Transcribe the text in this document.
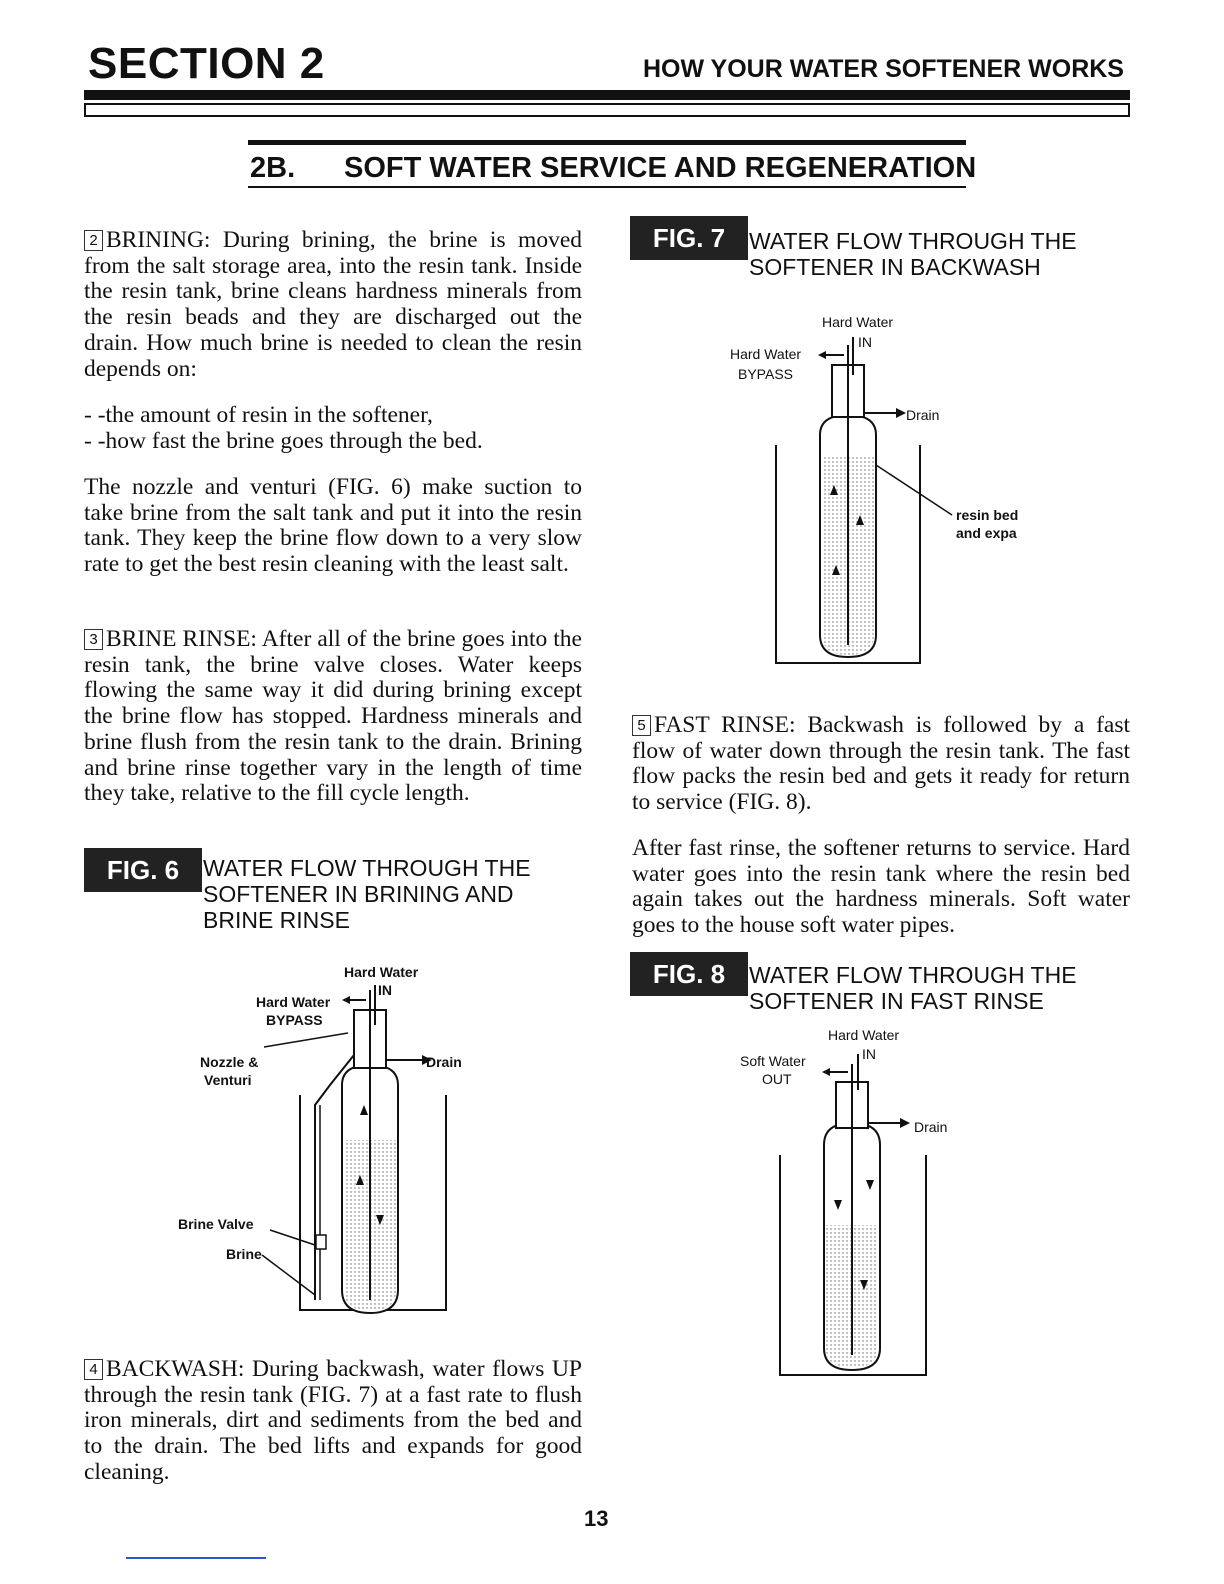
SECTION 2	HOW YOUR WATER SOFTENER WORKS
2B. SOFT WATER SERVICE AND REGENERATION

2 BRINING: During brining, the brine is moved from the salt storage area, into the resin tank. Inside the resin tank, brine cleans hardness minerals from the resin beads and they are discharged out the drain. How much brine is needed to clean the resin depends on:

- -the amount of resin in the softener,
- -how fast the brine goes through the bed.

The nozzle and venturi (FIG. 6) make suction to take brine from the salt tank and put it into the resin tank. They keep the brine flow down to a very slow rate to get the best resin cleaning with the least salt.

3 BRINE RINSE: After all of the brine goes into the resin tank, the brine valve closes. Water keeps flowing the same way it did during brining except the brine flow has stopped. Hardness minerals and brine flush from the resin tank to the drain. Brining and brine rinse together vary in the length of time they take, relative to the fill cycle length.

FIG. 6	WATER FLOW THROUGH THE
SOFTENER IN BRINING AND
BRINE RINSE
Hard Water
IN
Hard Water
BYPASS
Nozzle &
Venturi
Drain
Brine Valve
Brine

4 BACKWASH: During backwash, water flows UP through the resin tank (FIG. 7) at a fast rate to flush iron minerals, dirt and sediments from the bed and to the drain. The bed lifts and expands for good cleaning.

FIG. 7	WATER FLOW THROUGH THE
SOFTENER IN BACKWASH
Hard Water
IN
Hard Water
BYPASS
Drain
resin bed
and expa

5 FAST RINSE: Backwash is followed by a fast flow of water down through the resin tank. The fast flow packs the resin bed and gets it ready for return to service (FIG. 8).

After fast rinse, the softener returns to service. Hard water goes into the resin tank where the resin bed again takes out the hardness minerals. Soft water goes to the house soft water pipes.

FIG. 8	WATER FLOW THROUGH THE
SOFTENER IN FAST RINSE
Hard Water
IN
Soft Water
OUT
Drain
13
